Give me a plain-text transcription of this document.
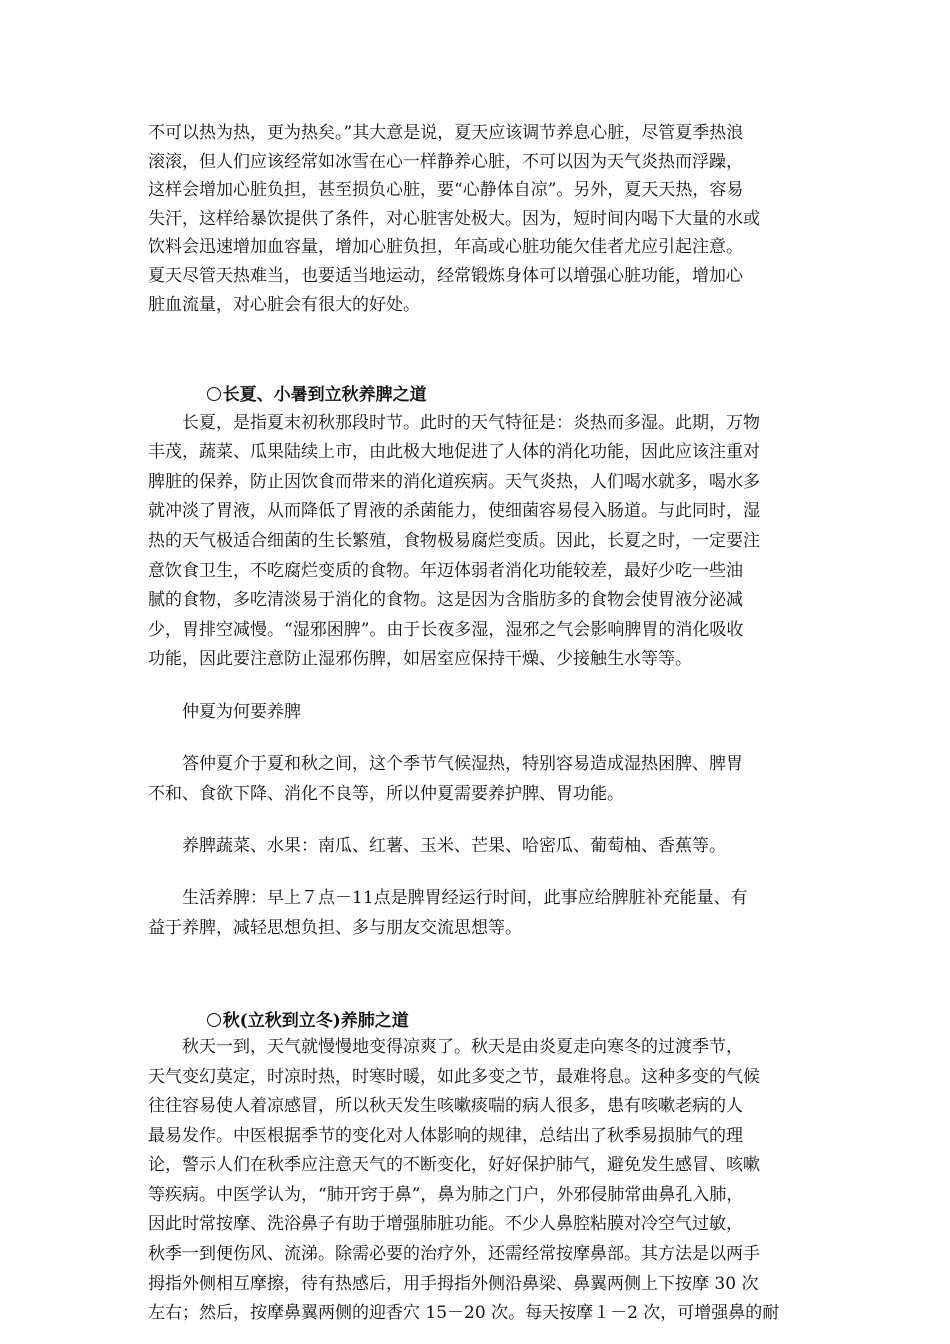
不可以热为热，更为热矣。”其大意是说，夏天应该调节养息心脏，尽管夏季热浪
滚滚，但人们应该经常如冰雪在心一样静养心脏，不可以因为天气炎热而浮躁，
这样会增加心脏负担，甚至损负心脏，要“心静体自凉”。另外，夏天天热，容易
失汗，这样给暴饮提供了条件，对心脏害处极大。因为，短时间内喝下大量的水或
饮料会迅速增加血容量，增加心脏负担，年高或心脏功能欠佳者尤应引起注意。
夏天尽管天热难当，也要适当地运动，经常锻炼身体可以增强心脏功能，增加心
脏血流量，对心脏会有很大的好处。

长夏、小暑到立秋养脾之道

　　长夏，是指夏末初秋那段时节。此时的天气特征是：炎热而多湿。此期，万物
丰茂，蔬菜、瓜果陆续上市，由此极大地促进了人体的消化功能，因此应该注重对
脾脏的保养，防止因饮食而带来的消化道疾病。天气炎热，人们喝水就多，喝水多
就冲淡了胃液，从而降低了胃液的杀菌能力，使细菌容易侵入肠道。与此同时，湿
热的天气极适合细菌的生长繁殖，食物极易腐烂变质。因此，长夏之时，一定要注
意饮食卫生，不吃腐烂变质的食物。年迈体弱者消化功能较差，最好少吃一些油
腻的食物，多吃清淡易于消化的食物。这是因为含脂肪多的食物会使胃液分泌减
少，胃排空减慢。“湿邪困脾”。由于长夜多湿，湿邪之气会影响脾胃的消化吸收
功能，因此要注意防止湿邪伤脾，如居室应保持干燥、少接触生水等等。
　　仲夏为何要养脾
　　答仲夏介于夏和秋之间，这个季节气候湿热，特别容易造成湿热困脾、脾胃
不和、食欲下降、消化不良等，所以仲夏需要养护脾、胃功能。
　　养脾蔬菜、水果：南瓜、红薯、玉米、芒果、哈密瓜、葡萄柚、香蕉等。
　　生活养脾：早上７点－11点是脾胃经运行时间，此事应给脾脏补充能量、有
益于养脾，减轻思想负担、多与朋友交流思想等。

秋(立秋到立冬)养肺之道

　　秋天一到，天气就慢慢地变得凉爽了。秋天是由炎夏走向寒冬的过渡季节，
天气变幻莫定，时凉时热，时寒时暖，如此多变之节，最难将息。这种多变的气候
往往容易使人着凉感冒，所以秋天发生咳嗽痰喘的病人很多，患有咳嗽老病的人
最易发作。中医根据季节的变化对人体影响的规律，总结出了秋季易损肺气的理
论，警示人们在秋季应注意天气的不断变化，好好保护肺气，避免发生感冒、咳嗽
等疾病。中医学认为，“肺开窍于鼻”，鼻为肺之门户，外邪侵肺常曲鼻孔入肺，
因此时常按摩、洗浴鼻子有助于增强肺脏功能。不少人鼻腔粘膜对冷空气过敏，
秋季一到便伤风、流涕。除需必要的治疗外，还需经常按摩鼻部。其方法是以两手
拇指外侧相互摩擦，待有热感后，用手拇指外侧沿鼻梁、鼻翼两侧上下按摩 30 次
左右；然后，按摩鼻翼两侧的迎香穴 15－20 次。每天按摩１－2 次，可增强鼻的耐
